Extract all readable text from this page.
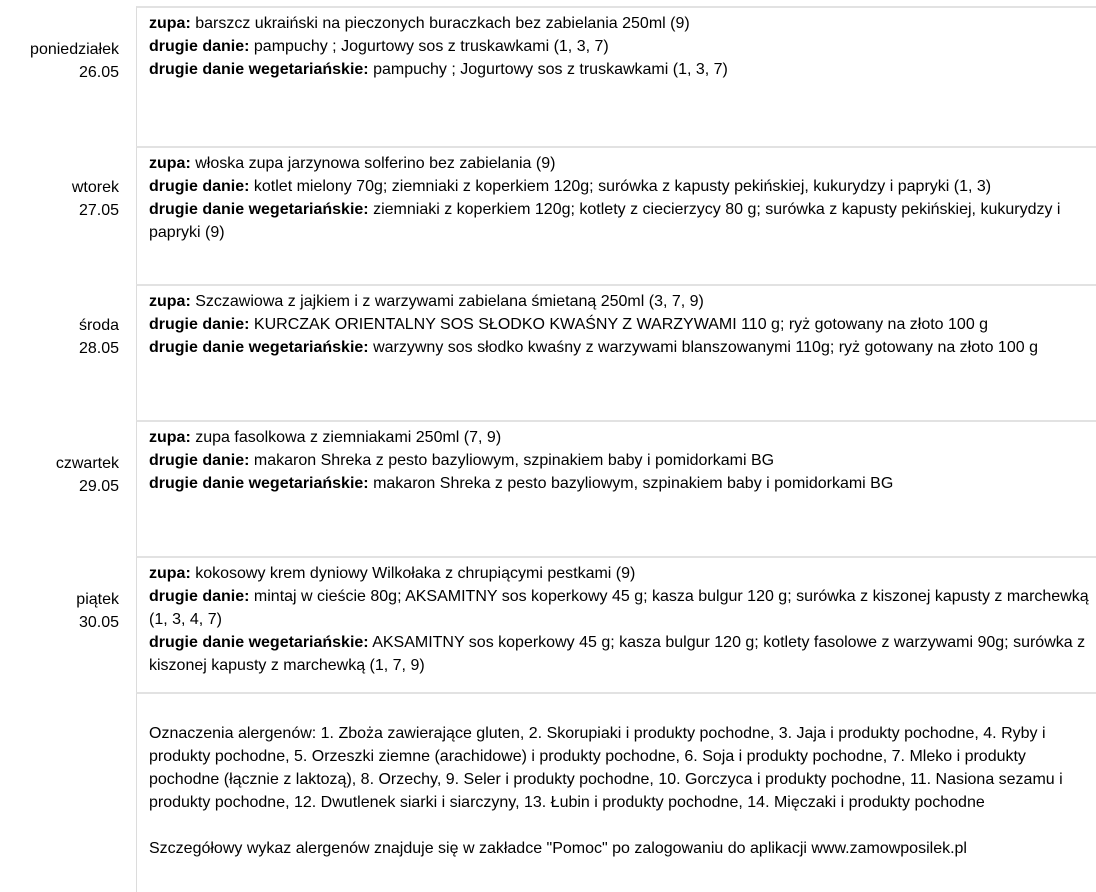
poniedziałek
26.05
zupa: barszcz ukraiński na pieczonych buraczkach bez zabielania 250ml (9)
drugie danie: pampuchy ; Jogurtowy sos z truskawkami (1, 3, 7)
drugie danie wegetariańskie: pampuchy ; Jogurtowy sos z truskawkami (1, 3, 7)
wtorek
27.05
zupa: włoska zupa jarzynowa solferino bez zabielania (9)
drugie danie: kotlet mielony 70g; ziemniaki z koperkiem 120g; surówka z kapusty pekińskiej, kukurydzy i papryki (1, 3)
drugie danie wegetariańskie: ziemniaki z koperkiem 120g; kotlety z ciecierzycy 80 g; surówka z kapusty pekińskiej, kukurydzy i papryki (9)
środa
28.05
zupa: Szczawiowa z jajkiem i z warzywami zabielana śmietaną 250ml (3, 7, 9)
drugie danie: KURCZAK ORIENTALNY SOS SŁODKO KWAŚNY Z WARZYWAMI 110 g; ryż gotowany na złoto 100 g
drugie danie wegetariańskie: warzywny sos słodko kwaśny z warzywami blanszowanymi 110g; ryż gotowany na złoto 100 g
czwartek
29.05
zupa: zupa fasolkowa z ziemniakami 250ml (7, 9)
drugie danie: makaron Shreka z pesto bazyliowym, szpinakiem baby i pomidorkami BG
drugie danie wegetariańskie: makaron Shreka z pesto bazyliowym, szpinakiem baby i pomidorkami BG
piątek
30.05
zupa: kokosowy krem dyniowy Wilkołaka z chrupiącymi pestkami (9)
drugie danie: mintaj w cieście 80g; AKSAMITNY sos koperkowy 45 g; kasza bulgur 120 g; surówka z kiszonej kapusty z marchewką (1, 3, 4, 7)
drugie danie wegetariańskie: AKSAMITNY sos koperkowy 45 g; kasza bulgur 120 g; kotlety fasolowe z warzywami 90g; surówka z kiszonej kapusty z marchewką (1, 7, 9)

Oznaczenia alergenów: 1. Zboża zawierające gluten, 2. Skorupiaki i produkty pochodne, 3. Jaja i produkty pochodne, 4. Ryby i produkty pochodne, 5. Orzeszki ziemne (arachidowe) i produkty pochodne, 6. Soja i produkty pochodne, 7. Mleko i produkty pochodne (łącznie z laktozą), 8. Orzechy, 9. Seler i produkty pochodne, 10. Gorczyca i produkty pochodne, 11. Nasiona sezamu i produkty pochodne, 12. Dwutlenek siarki i siarczyny, 13. Łubin i produkty pochodne, 14. Mięczaki i produkty pochodne

Szczegółowy wykaz alergenów znajduje się w zakładce "Pomoc" po zalogowaniu do aplikacji www.zamowposilek.pl
